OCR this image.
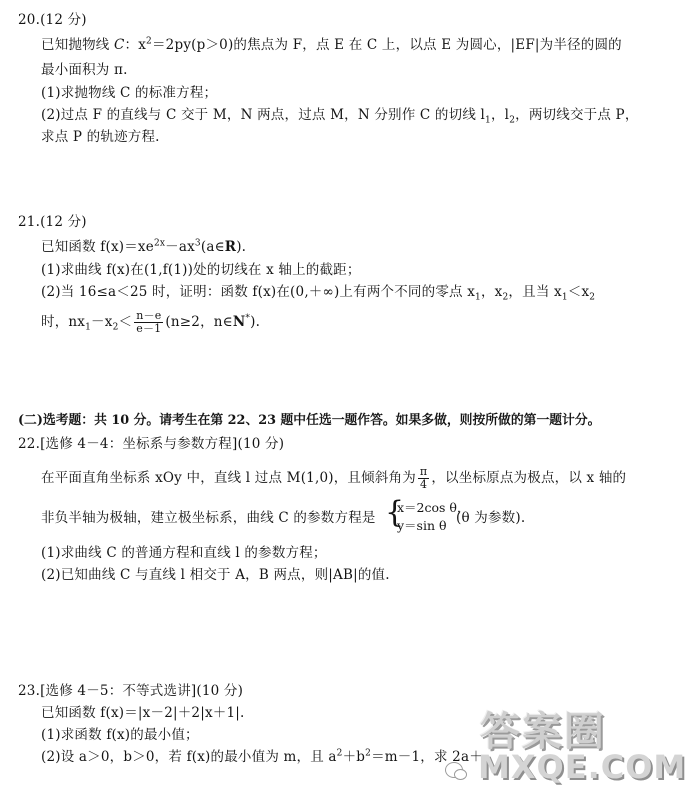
20.(12 分)
已知抛物线 C：$x^2=2py(p>0)$的焦点为 F，点 E 在 C 上，以点 E 为圆心，|EF|为半径的圆的
最小面积为 π.
(1)求抛物线 C 的标准方程；
(2)过点 F 的直线与 C 交于 M，N 两点，过点 M，N 分别作 C 的切线 $l_1$，$l_2$，两切线交于点 P，
求点 P 的轨迹方程.
21.(12 分)
已知函数 $f(x)=xe^{2x}-ax^3(a\in R)$.
(1)求曲线 f(x)在(1,f(1))处的切线在 x 轴上的截距；
(2)当 16≤a＜25 时，证明：函数 f(x)在(0,＋∞)上有两个不同的零点 $x_1$，$x_2$，且当 $x_1<x_2$
时，$nx_1-x_2< \frac{n-e}{e-1} (n\ge 2$，n∈N*).
(二)选考题：共 10 分。请考生在第 22、23 题中任选一题作答。如果多做，则按所做的第一题计分。
22.[选修 4－4：坐标系与参数方程](10 分)
在平面直角坐标系 xOy 中，直线 l 过点 M(1,0)，且倾斜角为 $\frac{\pi}{4}$ ，以坐标原点为极点，以 x 轴的
非负半轴为极轴，建立极坐标系，曲线 C 的参数方程是 {
x＝2cos θ，
y＝sin θ (θ 为参数).
(1)求曲线 C 的普通方程和直线 l 的参数方程；
(2)已知曲线 C 与直线 l 相交于 A，B 两点，则|AB|的值.
23.[选修 4－5：不等式选讲](10 分)
已知函数 f(x)＝|x－2|＋2|x＋1|.
(1)求函数 f(x)的最小值；
(2)设 a＞0，b＞0，若 f(x)的最小值为 m，且 $a^2+b^2=m-1$，求 2a＋
答案圈
MXQE.COM
